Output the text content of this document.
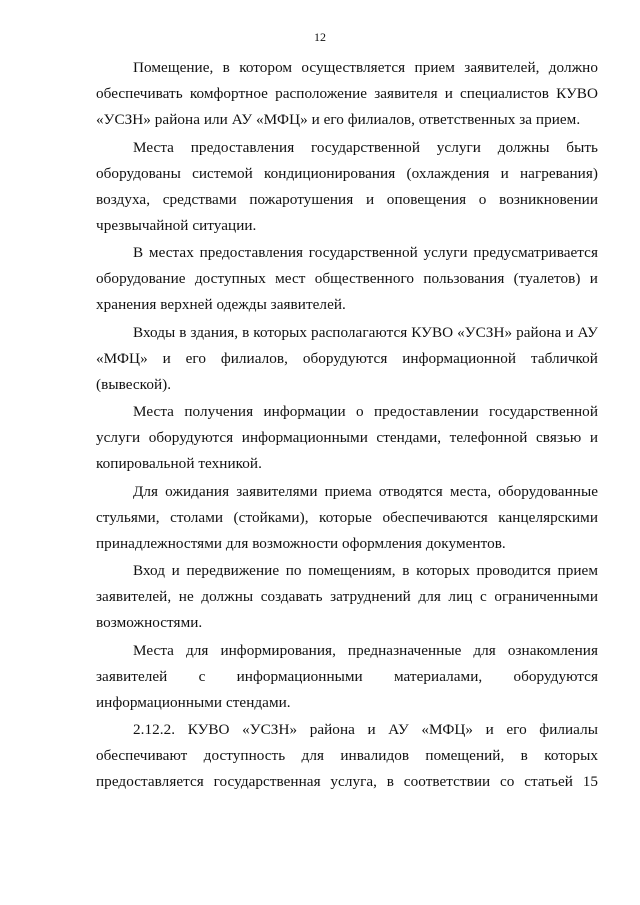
12

Помещение, в котором осуществляется прием заявителей, должно обеспечивать комфортное расположение заявителя и специалистов КУВО «УСЗН» района или АУ «МФЦ» и его филиалов, ответственных за прием.

Места предоставления государственной услуги должны быть оборудованы системой кондиционирования (охлаждения и нагревания) воздуха, средствами пожаротушения и оповещения о возникновении чрезвычайной ситуации.

В местах предоставления государственной услуги предусматривается оборудование доступных мест общественного пользования (туалетов) и хранения верхней одежды заявителей.

Входы в здания, в которых располагаются КУВО «УСЗН» района и АУ «МФЦ» и его филиалов, оборудуются информационной табличкой (вывеской).

Места получения информации о предоставлении государственной услуги оборудуются информационными стендами, телефонной связью и копировальной техникой.

Для ожидания заявителями приема отводятся места, оборудованные стульями, столами (стойками), которые обеспечиваются канцелярскими принадлежностями для возможности оформления документов.

Вход и передвижение по помещениям, в которых проводится прием заявителей, не должны создавать затруднений для лиц с ограниченными возможностями.

Места для информирования, предназначенные для ознакомления заявителей с информационными материалами, оборудуются информационными стендами.

2.12.2. КУВО «УСЗН» района и АУ «МФЦ» и его филиалы обеспечивают доступность для инвалидов помещений, в которых предоставляется государственная услуга, в соответствии со статьей 15
